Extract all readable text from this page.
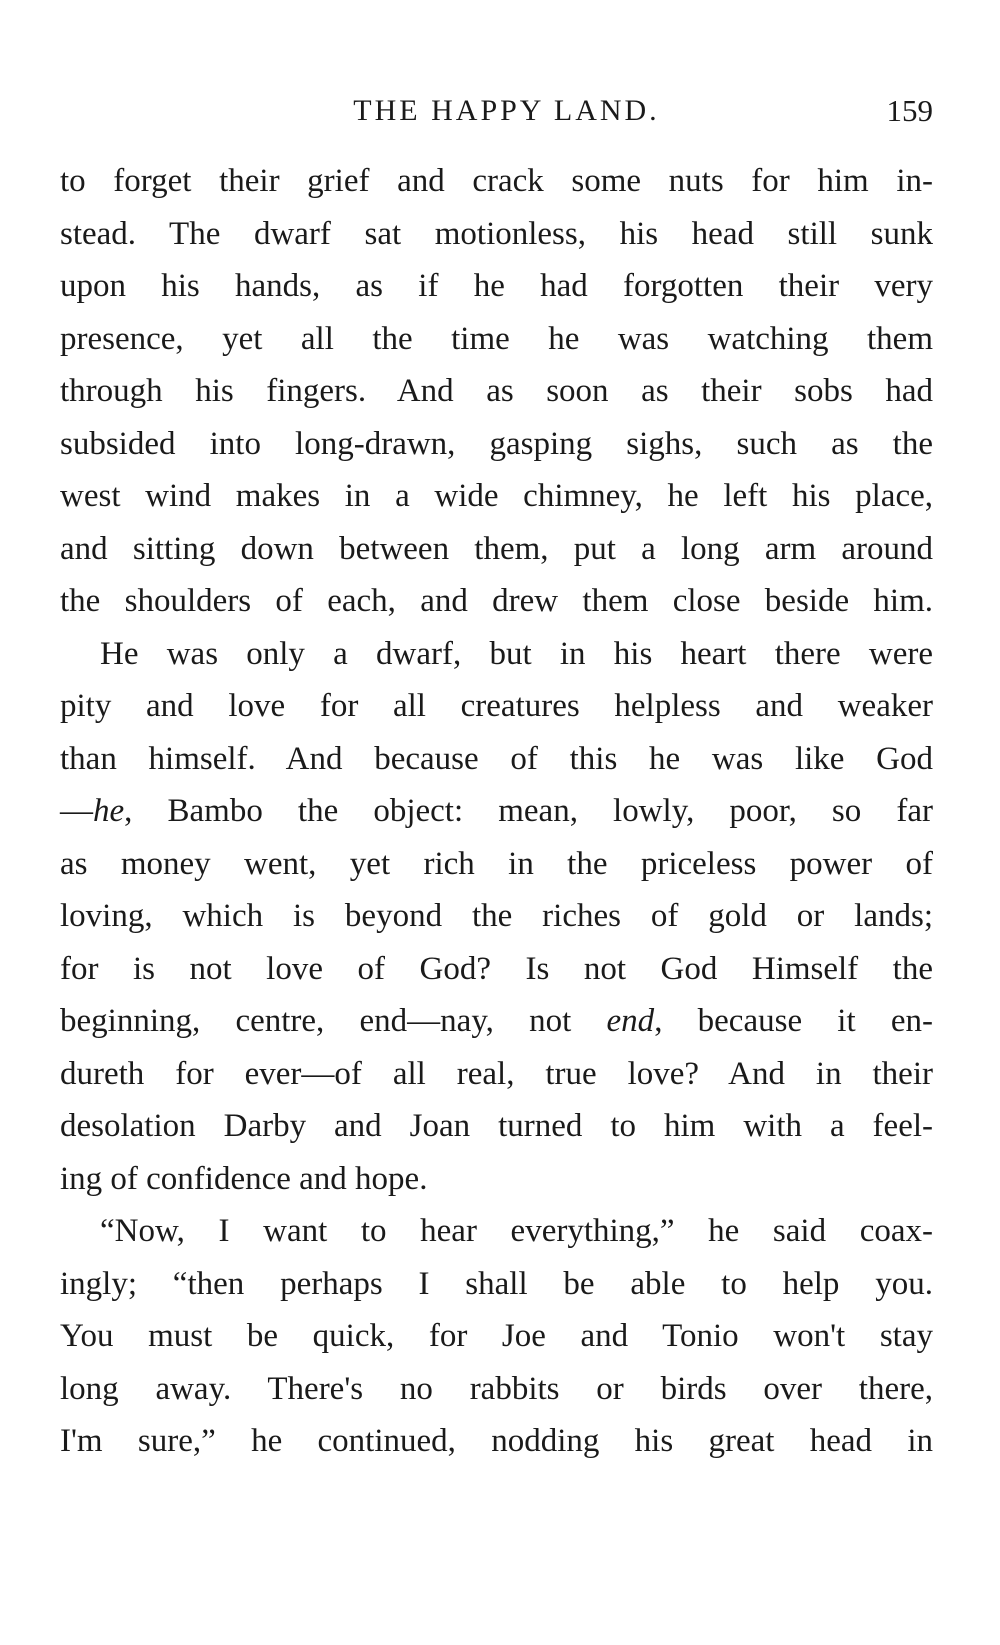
THE HAPPY LAND.	159
to forget their grief and crack some nuts for him in-
stead. The dwarf sat motionless, his head still sunk
upon his hands, as if he had forgotten their very
presence, yet all the time he was watching them
through his fingers. And as soon as their sobs had
subsided into long-drawn, gasping sighs, such as the
west wind makes in a wide chimney, he left his place,
and sitting down between them, put a long arm around
the shoulders of each, and drew them close beside him.
He was only a dwarf, but in his heart there were
pity and love for all creatures helpless and weaker
than himself. And because of this he was like God
—he, Bambo the object: mean, lowly, poor, so far
as money went, yet rich in the priceless power of
loving, which is beyond the riches of gold or lands;
for is not love of God? Is not God Himself the
beginning, centre, end—nay, not end, because it en-
dureth for ever—of all real, true love? And in their
desolation Darby and Joan turned to him with a feel-
ing of confidence and hope.
“Now, I want to hear everything,” he said coax-
ingly; “then perhaps I shall be able to help you.
You must be quick, for Joe and Tonio won't stay
long away. There's no rabbits or birds over there,
I'm sure,” he continued, nodding his great head in
